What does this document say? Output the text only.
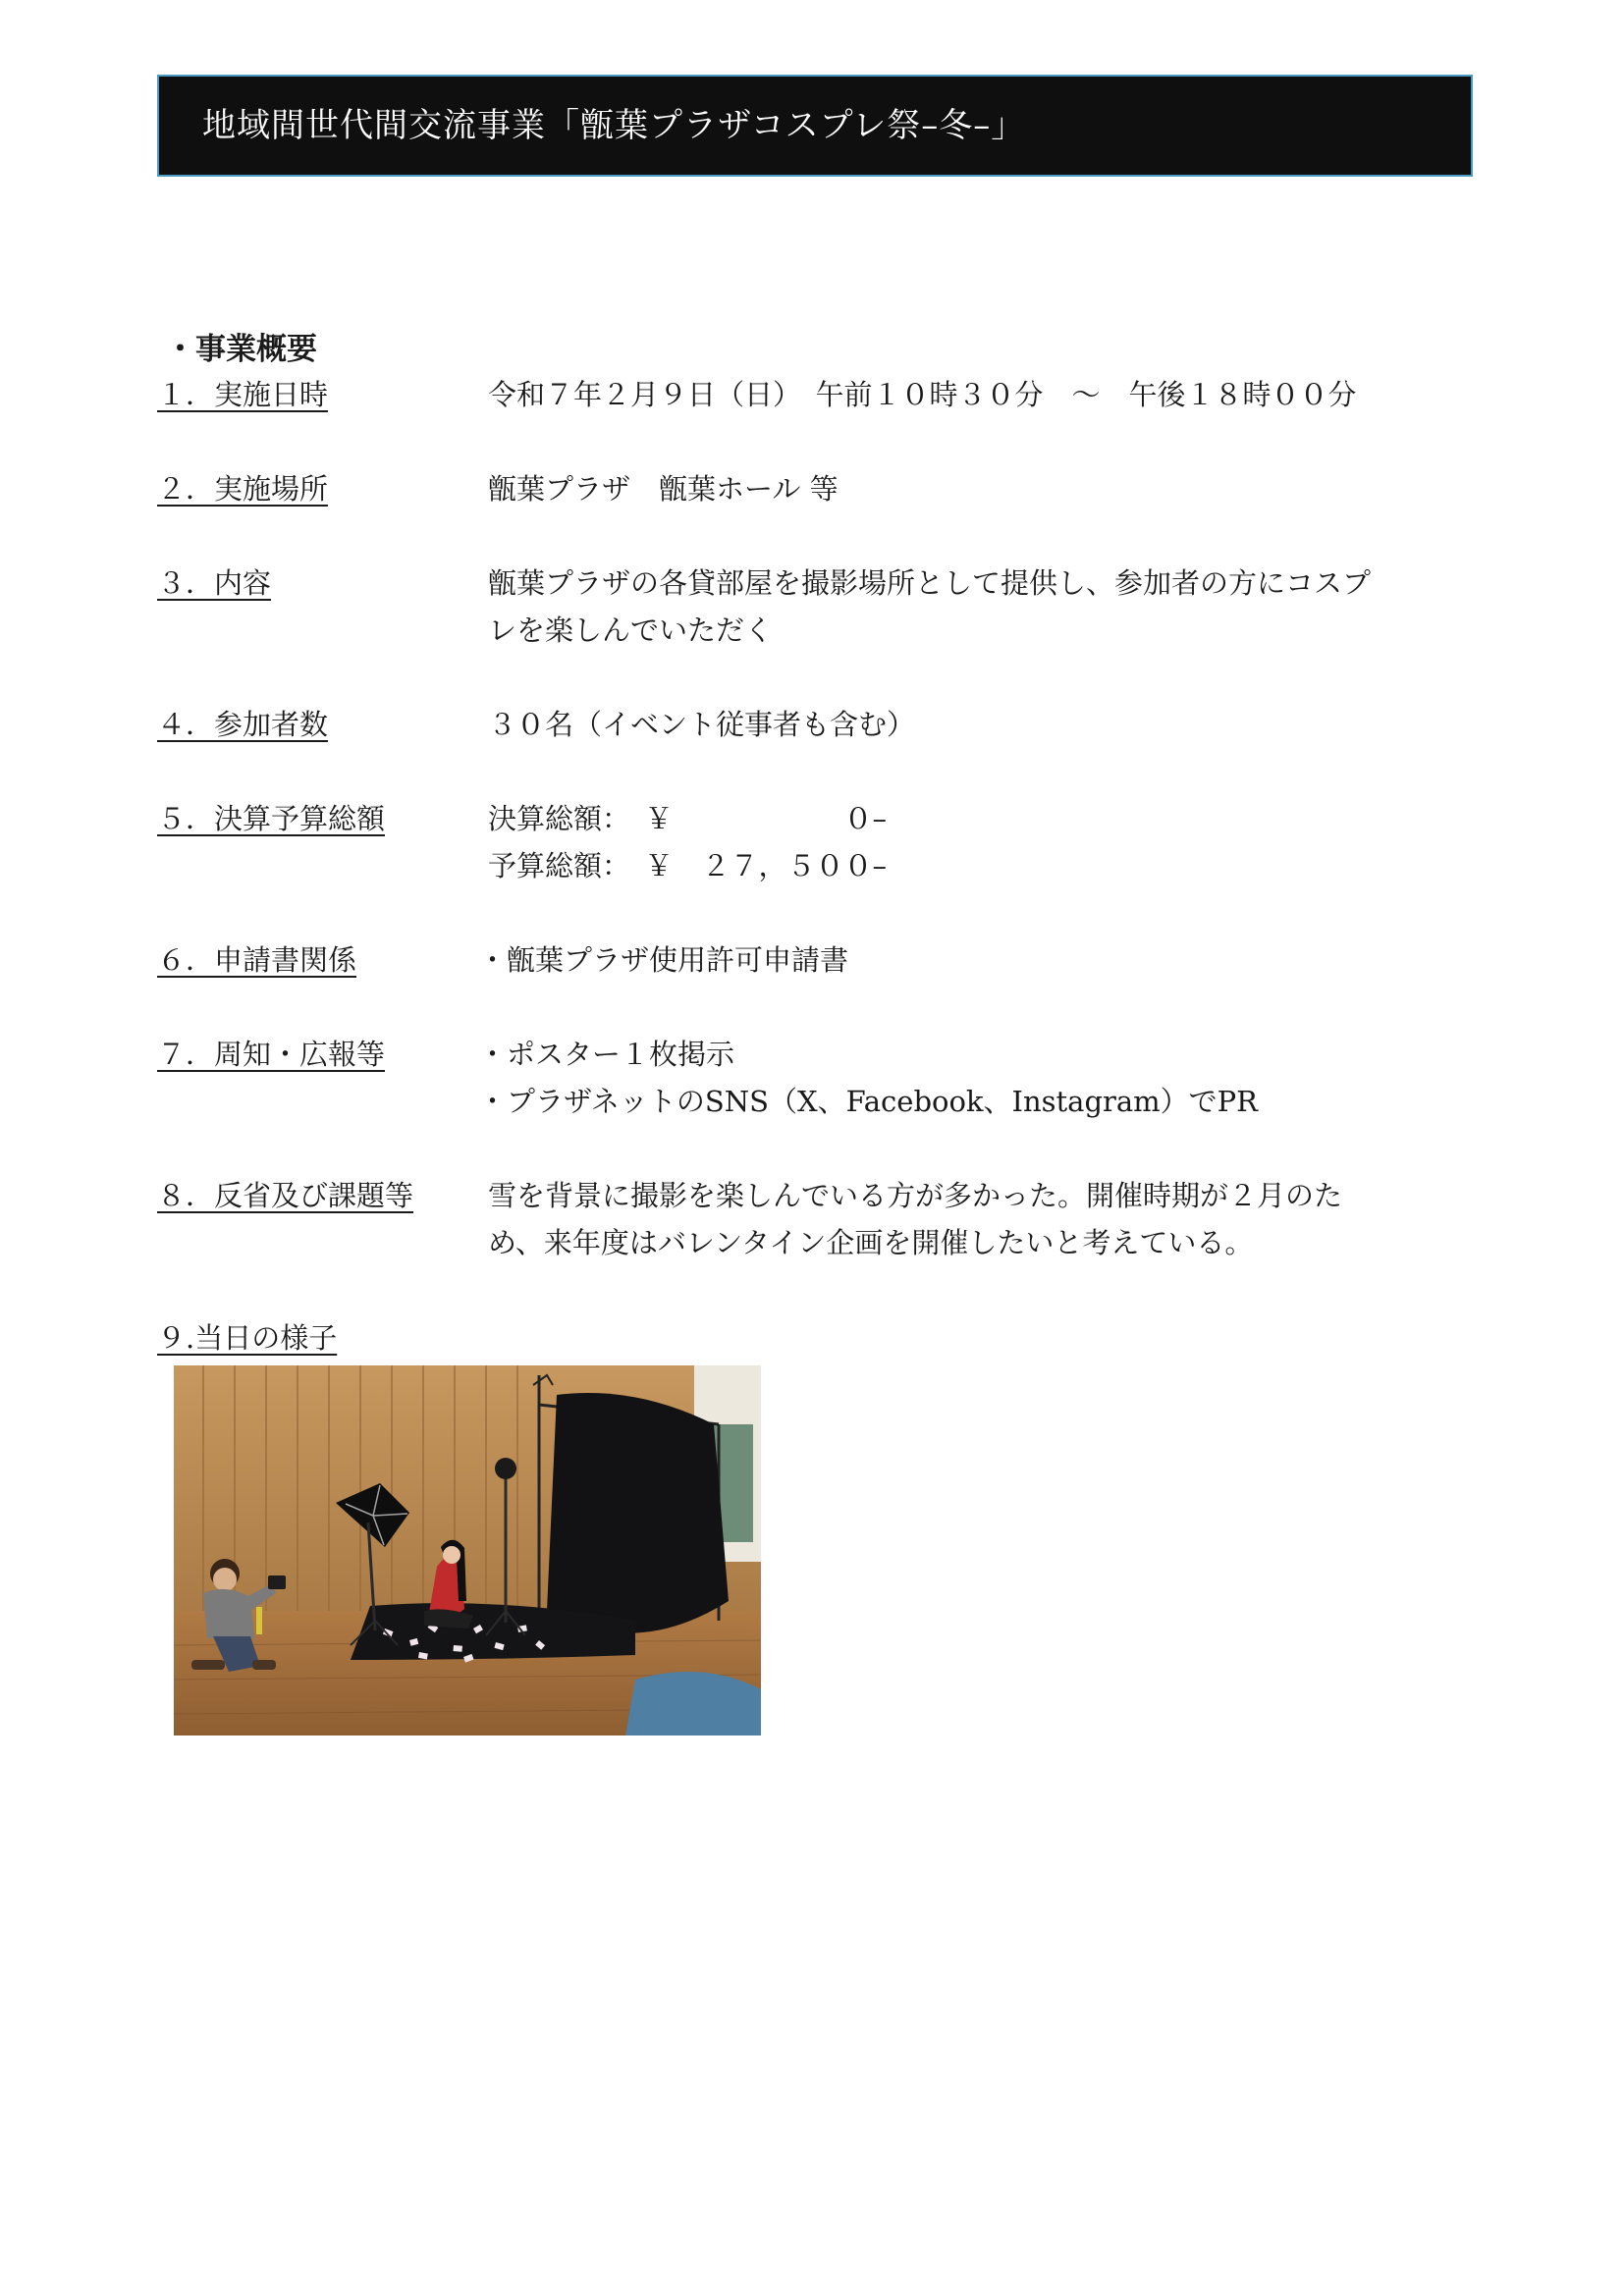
地域間世代間交流事業「甑葉プラザコスプレ祭–冬–」
・事業概要
１．実施日時	令和７年２月９日（日）　午前１０時３０分　～　午後１８時００分
２．実施場所	甑葉プラザ　甑葉ホール 等
３．内容	甑葉プラザの各貸部屋を撮影場所として提供し、参加者の方にコスプ
レを楽しんでいただく
４．参加者数	３０名（イベント従事者も含む）
５．決算予算総額	決算総額：　￥　　　　　　０–
予算総額：　￥　２７，５００–
６．申請書関係	・甑葉プラザ使用許可申請書
７．周知・広報等	・ポスター１枚掲示
・プラザネットのSNS（X、Facebook、Instagram）でPR
８．反省及び課題等	雪を背景に撮影を楽しんでいる方が多かった。開催時期が２月のた
め、来年度はバレンタイン企画を開催したいと考えている。
９.当日の様子
